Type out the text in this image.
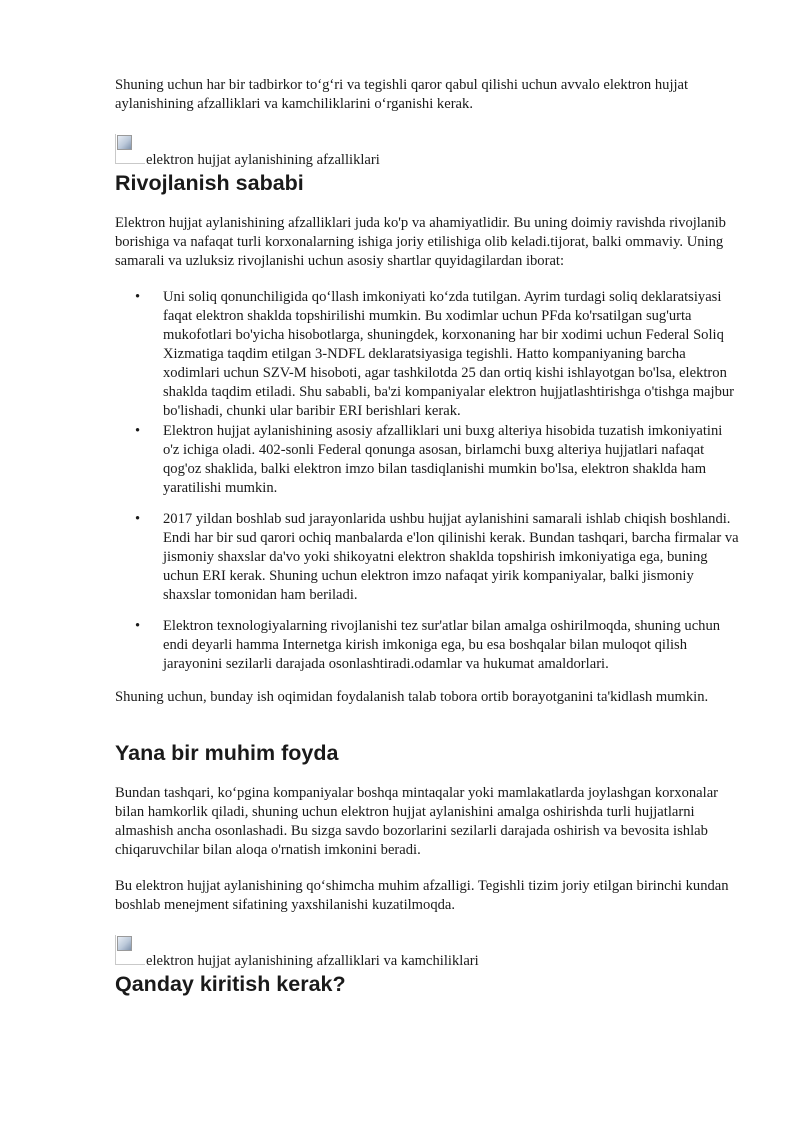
Shuning uchun har bir tadbirkor to‘g‘ri va tegishli qaror qabul qilishi uchun avvalo elektron hujjat aylanishining afzalliklari va kamchiliklarini o‘rganishi kerak.

elektron hujjat aylanishining afzalliklari
Rivojlanish sababi

Elektron hujjat aylanishining afzalliklari juda ko'p va ahamiyatlidir. Bu uning doimiy ravishda rivojlanib borishiga va nafaqat turli korxonalarning ishiga joriy etilishiga olib keladi.tijorat, balki ommaviy. Uning samarali va uzluksiz rivojlanishi uchun asosiy shartlar quyidagilardan iborat:

• Uni soliq qonunchiligida qo‘llash imkoniyati ko‘zda tutilgan. Ayrim turdagi soliq deklaratsiyasi faqat elektron shaklda topshirilishi mumkin. Bu xodimlar uchun PFda ko'rsatilgan sug'urta mukofotlari bo'yicha hisobotlarga, shuningdek, korxonaning har bir xodimi uchun Federal Soliq Xizmatiga taqdim etilgan 3-NDFL deklaratsiyasiga tegishli. Hatto kompaniyaning barcha xodimlari uchun SZV-M hisoboti, agar tashkilotda 25 dan ortiq kishi ishlayotgan bo'lsa, elektron shaklda taqdim etiladi. Shu sababli, ba'zi kompaniyalar elektron hujjatlashtirishga o'tishga majbur bo'lishadi, chunki ular baribir ERI berishlari kerak.
• Elektron hujjat aylanishining asosiy afzalliklari uni buxg alteriya hisobida tuzatish imkoniyatini o'z ichiga oladi. 402-sonli Federal qonunga asosan, birlamchi buxg alteriya hujjatlari nafaqat qog'oz shaklida, balki elektron imzo bilan tasdiqlanishi mumkin bo'lsa, elektron shaklda ham yaratilishi mumkin.
• 2017 yildan boshlab sud jarayonlarida ushbu hujjat aylanishini samarali ishlab chiqish boshlandi. Endi har bir sud qarori ochiq manbalarda e'lon qilinishi kerak. Bundan tashqari, barcha firmalar va jismoniy shaxslar da'vo yoki shikoyatni elektron shaklda topshirish imkoniyatiga ega, buning uchun ERI kerak. Shuning uchun elektron imzo nafaqat yirik kompaniyalar, balki jismoniy shaxslar tomonidan ham beriladi.
• Elektron texnologiyalarning rivojlanishi tez sur'atlar bilan amalga oshirilmoqda, shuning uchun endi deyarli hamma Internetga kirish imkoniga ega, bu esa boshqalar bilan muloqot qilish jarayonini sezilarli darajada osonlashtiradi.odamlar va hukumat amaldorlari.

Shuning uchun, bunday ish oqimidan foydalanish talab tobora ortib borayotganini ta'kidlash mumkin.

Yana bir muhim foyda

Bundan tashqari, ko‘pgina kompaniyalar boshqa mintaqalar yoki mamlakatlarda joylashgan korxonalar bilan hamkorlik qiladi, shuning uchun elektron hujjat aylanishini amalga oshirishda turli hujjatlarni almashish ancha osonlashadi. Bu sizga savdo bozorlarini sezilarli darajada oshirish va bevosita ishlab chiqaruvchilar bilan aloqa o'rnatish imkonini beradi.

Bu elektron hujjat aylanishining qo‘shimcha muhim afzalligi. Tegishli tizim joriy etilgan birinchi kundan boshlab menejment sifatining yaxshilanishi kuzatilmoqda.

elektron hujjat aylanishining afzalliklari va kamchiliklari
Qanday kiritish kerak?
